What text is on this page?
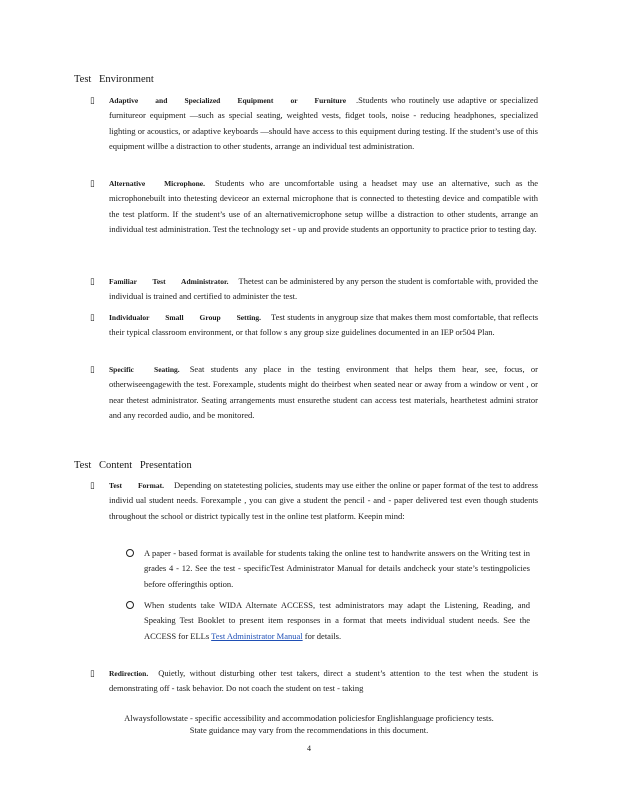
Test Environment
▯ Adaptive and Specialized Equipment or Furniture .Students who routinely use adaptive or specialized furnitureor equipment —such as special seating, weighted vests, fidget tools, noise - reducing headphones, specialized lighting or acoustics, or adaptive keyboards —should have access to this equipment during testing. If the student’s use of this equipment willbe a distraction to other students, arrange an individual test administration.
▯ Alternative Microphone. Students who are uncomfortable using a headset may use an alternative, such as the microphonebuilt into thetesting deviceor an external microphone that is connected to thetesting device and compatible with the test platform. If the student’s use of an alternativemicrophone setup willbe a distraction to other students, arrange an individual test administration. Test the technology set - up and provide students an opportunity to practice prior to testing day.
▯ Familiar Test Administrator. Thetest can be administered by any person the student is comfortable with, provided the individual is trained and certified to administer the test.
▯ Individualor Small Group Setting. Test students in anygroup size that makes them most comfortable, that reflects their typical classroom environment, or that follow s any group size guidelines documented in an IEP or504 Plan.
▯ Specific Seating. Seat students any place in the testing environment that helps them hear, see, focus, or otherwiseengagewith the test. Forexample, students might do theirbest when seated near or away from a window or vent , or near thetest administrator. Seating arrangements must ensurethe student can access test materials, hearthetest admini strator and any recorded audio, and be monitored.
Test Content Presentation
▯ Test Format. Depending on statetesting policies, students may use either the online or paper format of the test to address individ ual student needs. Forexample , you can give a student the pencil - and - paper delivered test even though students throughout the school or district typically test in the online test platform. Keepin mind:
A paper - based format is available for students taking the online test to handwrite answers on the Writing test in grades 4 - 12. See the test - specificTest Administrator Manual for details andcheck your state’s testingpolicies before offeringthis option.
When students take WIDA Alternate ACCESS, test administrators may adapt the Listening, Reading, and Speaking Test Booklet to present item responses in a format that meets individual student needs. See the ACCESS for ELLs Test Administrator Manual for details.
▯ Redirection. Quietly, without disturbing other test takers, direct a student’s attention to the test when the student is demonstrating off - task behavior. Do not coach the student on test - taking
Alwaysfollowstate - specific accessibility and accommodation policiesfor Englishlanguage proficiency tests.
State guidance may vary from the recommendations in this document.
4
